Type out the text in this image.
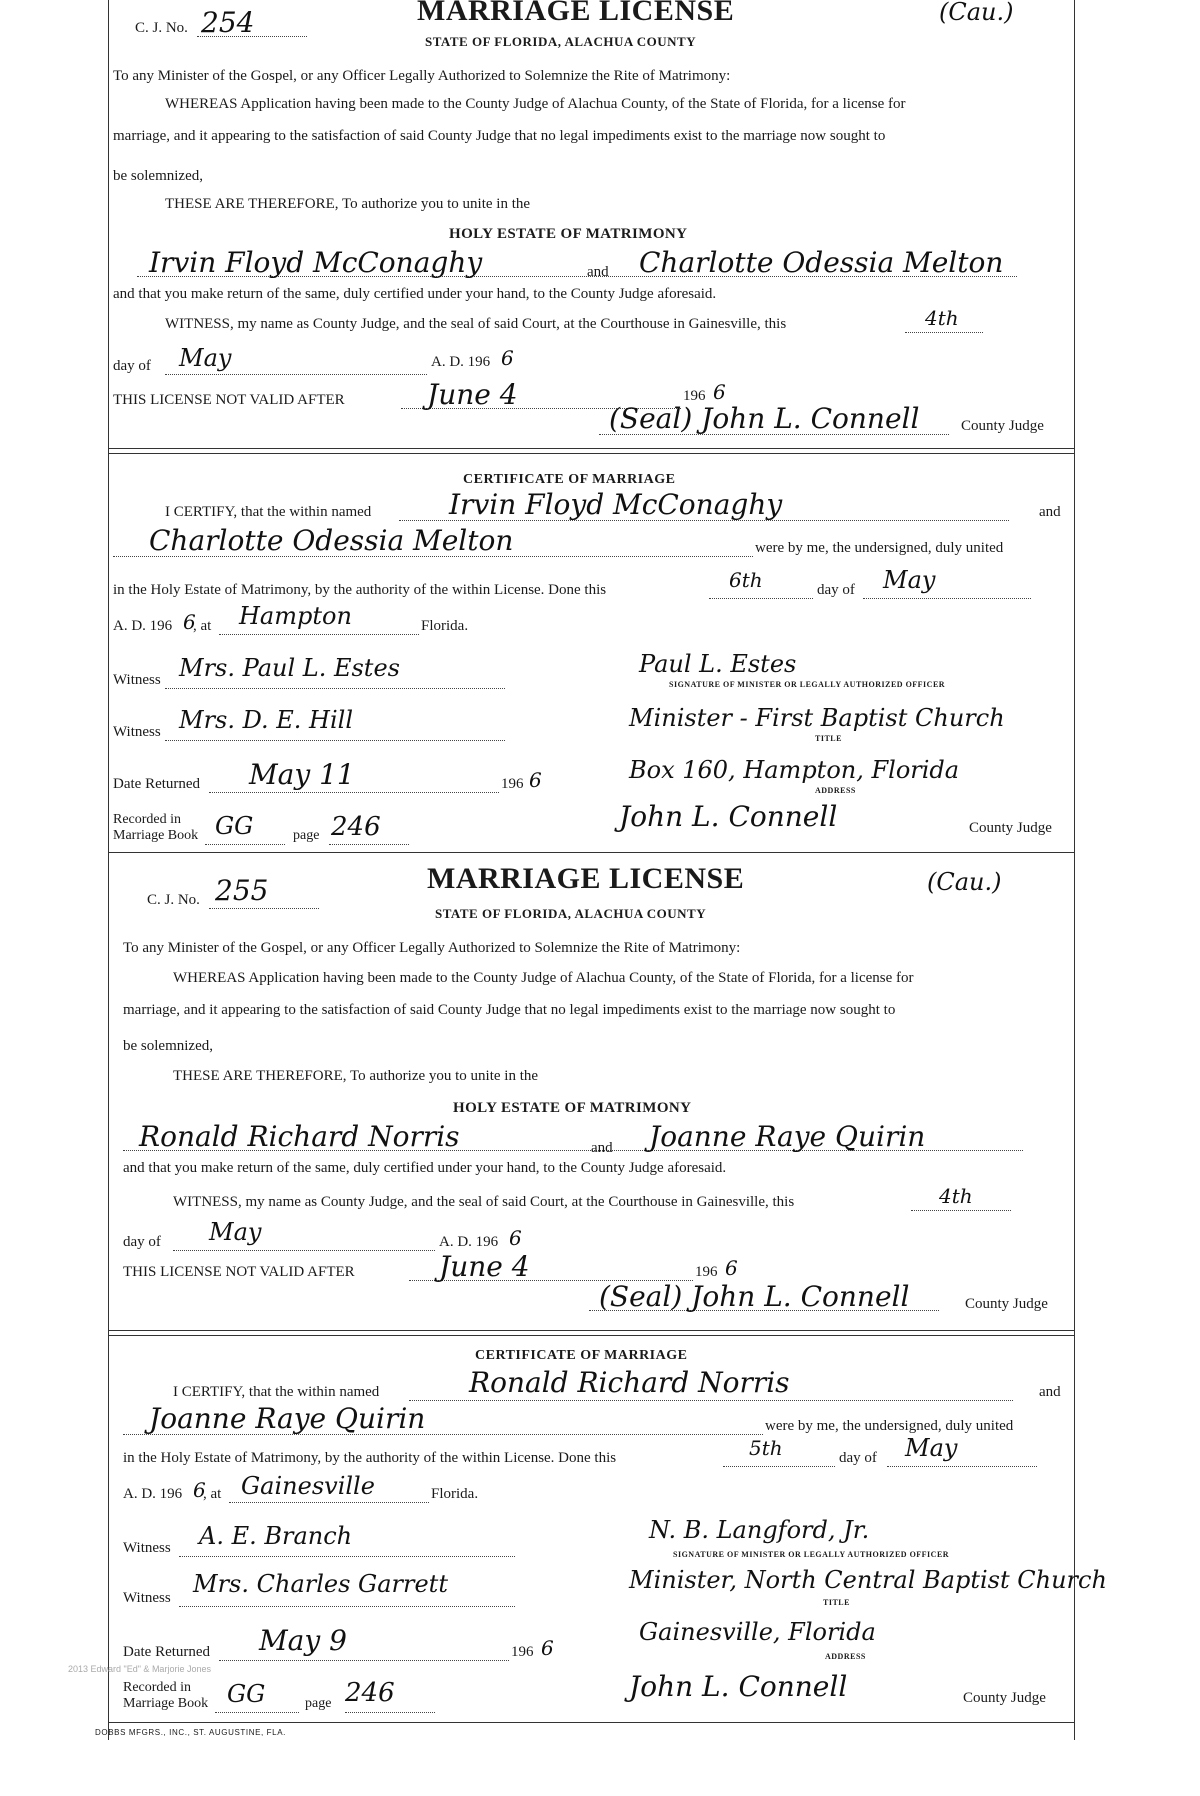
C. J. No. 254	MARRIAGE LICENSE	(Cau.)
STATE OF FLORIDA, ALACHUA COUNTY
To any Minister of the Gospel, or any Officer Legally Authorized to Solemnize the Rite of Matrimony:
WHEREAS Application having been made to the County Judge of Alachua County, of the State of Florida, for a license for
marriage, and it appearing to the satisfaction of said County Judge that no legal impediments exist to the marriage now sought to
be solemnized,
THESE ARE THEREFORE, To authorize you to unite in the
HOLY ESTATE OF MATRIMONY
Irvin Floyd McConaghy	and Charlotte Odessia Melton
and that you make return of the same, duly certified under your hand, to the County Judge aforesaid.
WITNESS, my name as County Judge, and the seal of said Court, at the Courthouse in Gainesville, this	4th
day of May	A. D. 196 6
THIS LICENSE NOT VALID AFTER	June 4	196 6
(Seal) John L. Connell	County Judge
CERTIFICATE OF MARRIAGE
I CERTIFY, that the within named	Irvin Floyd McConaghy	and
Charlotte Odessia Melton	were by me, the undersigned, duly united
in the Holy Estate of Matrimony, by the authority of the within License. Done this	6th	day of May
A. D. 196 6
, at Hampton	Florida.
Witness Mrs. Paul L. Estes	Paul L. Estes
SIGNATURE OF MINISTER OR LEGALLY AUTHORIZED OFFICER
Witness Mrs. D. E. Hill	Minister - First Baptist Church
TITLE
Date Returned May 11	196 6	Box 160, Hampton, Florida
ADDRESS
Recorded in
Marriage Book GG	page 246	John L. Connell	County Judge
C. J. No. 255	MARRIAGE LICENSE	(Cau.)
STATE OF FLORIDA, ALACHUA COUNTY
To any Minister of the Gospel, or any Officer Legally Authorized to Solemnize the Rite of Matrimony:
WHEREAS Application having been made to the County Judge of Alachua County, of the State of Florida, for a license for
marriage, and it appearing to the satisfaction of said County Judge that no legal impediments exist to the marriage now sought to
be solemnized,
THESE ARE THEREFORE, To authorize you to unite in the
HOLY ESTATE OF MATRIMONY
Ronald Richard Norris	and Joanne Raye Quirin
and that you make return of the same, duly certified under your hand, to the County Judge aforesaid.
WITNESS, my name as County Judge, and the seal of said Court, at the Courthouse in Gainesville, this	4th
day of May	A. D. 196 6
THIS LICENSE NOT VALID AFTER	June 4	196 6
(Seal) John L. Connell	County Judge
CERTIFICATE OF MARRIAGE
I CERTIFY, that the within named	Ronald Richard Norris	and
Joanne Raye Quirin	were by me, the undersigned, duly united
in the Holy Estate of Matrimony, by the authority of the within License. Done this	5th	day of May
A. D. 196 6
, at Gainesville	Florida.
Witness A. E. Branch	N. B. Langford, Jr.
SIGNATURE OF MINISTER OR LEGALLY AUTHORIZED OFFICER
Witness Mrs. Charles Garrett	Minister, North Central Baptist Church
TITLE
Date Returned May 9	196 6
Gainesville, Florida
ADDRESS
Recorded in
Marriage Book GG	page 246	John L. Connell	County Judge
DOBBS MFGRS., INC., ST. AUGUSTINE, FLA.
2013 Edward "Ed" & Marjorie Jones
